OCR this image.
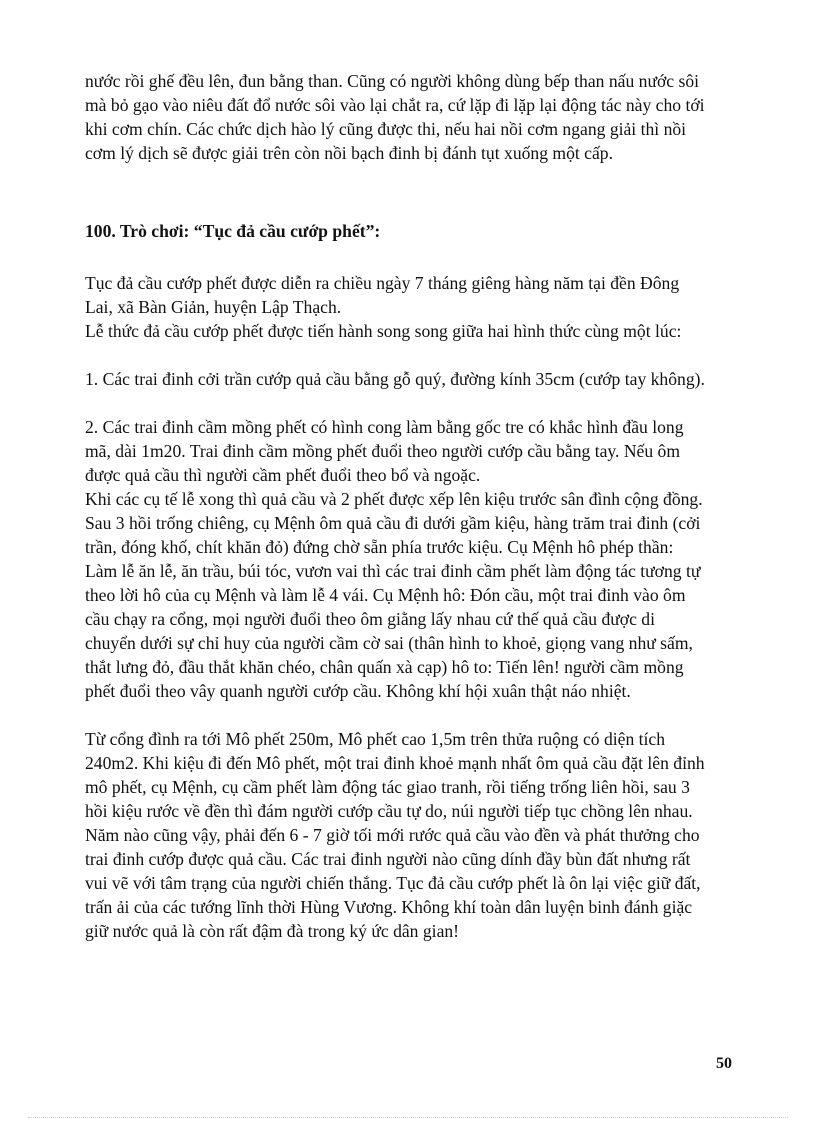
nước rồi ghế đều lên, đun bằng than. Cũng có người không dùng bếp than nấu nước sôi
mà bỏ gạo vào niêu đất đổ nước sôi vào lại chắt ra, cứ lặp đi lặp lại động tác này cho tới
khi cơm chín. Các chức dịch hào lý cũng được thi, nếu hai nồi cơm ngang giải thì nồi
cơm lý dịch sẽ được giải trên còn nồi bạch đinh bị đánh tụt xuống một cấp.

100. Trò chơi: “Tục đả cầu cướp phết”:

Tục đả cầu cướp phết được diễn ra chiều ngày 7 tháng giêng hàng năm tại đền Đông
Lai, xã Bàn Giản, huyện Lập Thạch.
Lễ thức đả cầu cướp phết được tiến hành song song giữa hai hình thức cùng một lúc:

1. Các trai đinh cởi trần cướp quả cầu bằng gỗ quý, đường kính 35cm (cướp tay không).

2. Các trai đinh cầm mồng phết có hình cong làm bằng gốc tre có khắc hình đầu long
mã, dài 1m20. Trai đinh cầm mồng phết đuổi theo người cướp cầu bằng tay. Nếu ôm
được quả cầu thì người cầm phết đuổi theo bổ và ngoặc.
Khi các cụ tế lễ xong thì quả cầu và 2 phết được xếp lên kiệu trước sân đình cộng đồng.
Sau 3 hồi trống chiêng, cụ Mệnh ôm quả cầu đi dưới gầm kiệu, hàng trăm trai đinh (cởi
trần, đóng khố, chít khăn đỏ) đứng chờ sẵn phía trước kiệu. Cụ Mệnh hô phép thần:
Làm lễ ăn lễ, ăn trầu, búi tóc, vươn vai thì các trai đinh cầm phết làm động tác tương tự
theo lời hô của cụ Mệnh và làm lễ 4 vái. Cụ Mệnh hô: Đón cầu, một trai đinh vào ôm
cầu chạy ra cổng, mọi người đuổi theo ôm giằng lấy nhau cứ thế quả cầu được di
chuyển dưới sự chỉ huy của người cầm cờ sai (thân hình to khoẻ, giọng vang như sấm,
thắt lưng đỏ, đầu thắt khăn chéo, chân quấn xà cạp) hô to: Tiến lên! người cầm mồng
phết đuổi theo vây quanh người cướp cầu. Không khí hội xuân thật náo nhiệt.

Từ cổng đình ra tới Mô phết 250m, Mô phết cao 1,5m trên thửa ruộng có diện tích
240m2. Khi kiệu đi đến Mô phết, một trai đinh khoẻ mạnh nhất ôm quả cầu đặt lên đỉnh
mô phết, cụ Mệnh, cụ cầm phết làm động tác giao tranh, rồi tiếng trống liên hồi, sau 3
hồi kiệu rước về đền thì đám người cướp cầu tự do, núi người tiếp tục chồng lên nhau.
Năm nào cũng vậy, phải đến 6 - 7 giờ tối mới rước quả cầu vào đền và phát thưởng cho
trai đinh cướp được quả cầu. Các trai đinh người nào cũng dính đầy bùn đất nhưng rất
vui vẽ với tâm trạng của người chiến thắng. Tục đả cầu cướp phết là ôn lại việc giữ đất,
trấn ải của các tướng lĩnh thời Hùng Vương. Không khí toàn dân luyện binh đánh giặc
giữ nước quả là còn rất đậm đà trong ký ức dân gian!

50
